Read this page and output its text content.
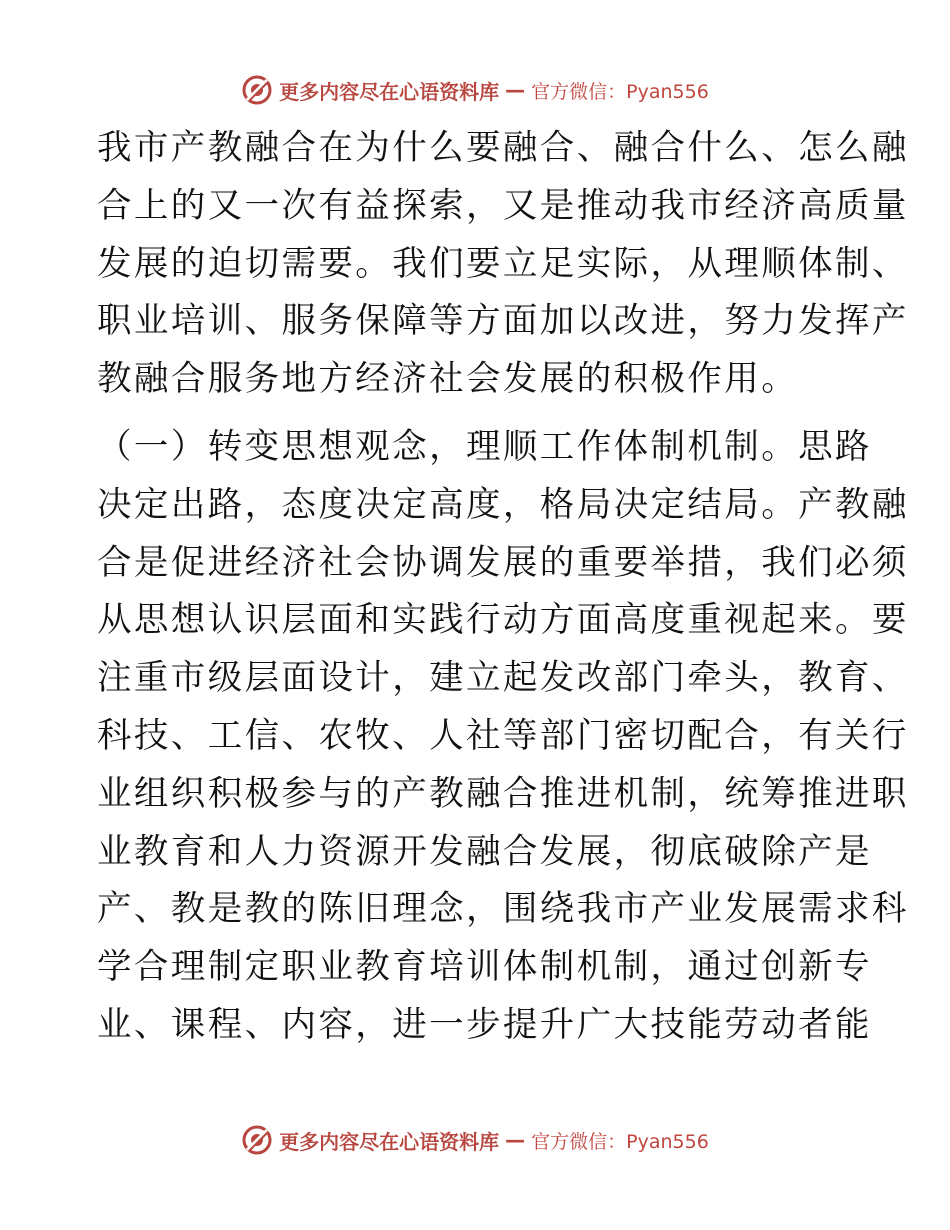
更多内容尽在心语资料库 — 官方微信：Pyan556

我市产教融合在为什么要融合、融合什么、怎么融
合上的又一次有益探索，又是推动我市经济高质量
发展的迫切需要。我们要立足实际，从理顺体制、
职业培训、服务保障等方面加以改进，努力发挥产
教融合服务地方经济社会发展的积极作用。

（一）转变思想观念，理顺工作体制机制。思路
决定出路，态度决定高度，格局决定结局。产教融
合是促进经济社会协调发展的重要举措，我们必须
从思想认识层面和实践行动方面高度重视起来。要
注重市级层面设计，建立起发改部门牵头，教育、
科技、工信、农牧、人社等部门密切配合，有关行
业组织积极参与的产教融合推进机制，统筹推进职
业教育和人力资源开发融合发展，彻底破除产是
产、教是教的陈旧理念，围绕我市产业发展需求科
学合理制定职业教育培训体制机制，通过创新专
业、课程、内容，进一步提升广大技能劳动者能

更多内容尽在心语资料库 — 官方微信：Pyan556
